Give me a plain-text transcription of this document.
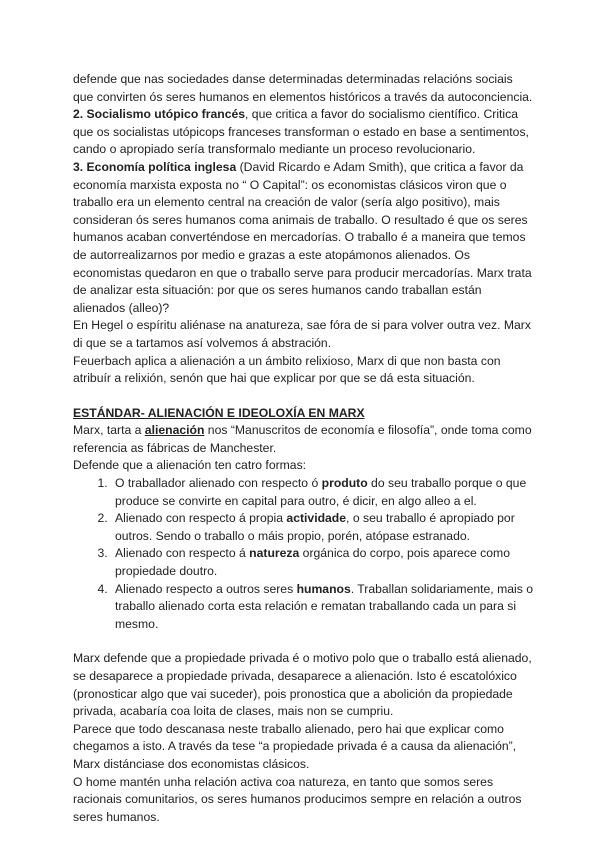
defende que nas sociedades danse determinadas determinadas relacións sociais que convirten ós seres humanos en elementos históricos a través da autoconciencia.

2. Socialismo utópico francés, que critica a favor do socialismo científico. Critica que os socialistas utópicops franceses transforman o estado en base a sentimentos, cando o apropiado sería transformalo mediante un proceso revolucionario.

3. Economía política inglesa (David Ricardo e Adam Smith), que critica a favor da economía marxista exposta no “ O Capital”: os economistas clásicos viron que o traballo era un elemento central na creación de valor (sería algo positivo), mais consideran ós seres humanos coma animais de traballo. O resultado é que os seres humanos acaban converténdose en mercadorías. O traballo é a maneira que temos de autorrealizarnos por medio e grazas a este atopámonos alienados. Os economistas quedaron en que o traballo serve para producir mercadorías. Marx trata de analizar esta situación: por que os seres humanos cando traballan están alienados (alleo)?

En Hegel o espíritu aliénase na anatureza, sae fóra de si para volver outra vez. Marx di que se a tartamos así volvemos á abstración.

Feuerbach aplica a alienación a un ámbito relixioso, Marx di que non basta con atribuír a relixión, senón que hai que explicar por que se dá esta situación.

ESTÁNDAR- ALIENACIÓN E IDEOLOXÍA EN MARX

Marx, tarta a alienación nos “Manuscritos de economía e filosofía”, onde toma como referencia as fábricas de Manchester.

Defende que a alienación ten catro formas:

1. O traballador alienado con respecto ó produto do seu traballo porque o que produce se convirte en capital para outro, é dicir, en algo alleo a el.
2. Alienado con respecto á propia actividade, o seu traballo é apropiado por outros. Sendo o traballo o máis propio, porén, atópase estranado.
3. Alienado con respecto á natureza orgánica do corpo, pois aparece como propiedade doutro.
4. Alienado respecto a outros seres humanos. Traballan solidariamente, mais o traballo alienado corta esta relación e rematan traballando cada un para si mesmo.

Marx defende que a propiedade privada é o motivo polo que o traballo está alienado, se desaparece a propiedade privada, desaparece a alienación. Isto é escatolóxico (pronosticar algo que vai suceder), pois pronostica que a abolición da propiedade privada, acabaría coa loita de clases, mais non se cumpriu.

Parece que todo descanasa neste traballo alienado, pero hai que explicar como chegamos a isto. A través da tese “a propiedade privada é a causa da alienación”, Marx distánciase dos economistas clásicos.

O home mantén unha relación activa coa natureza, en tanto que somos seres racionais comunitarios, os seres humanos producimos sempre en relación a outros seres humanos.
